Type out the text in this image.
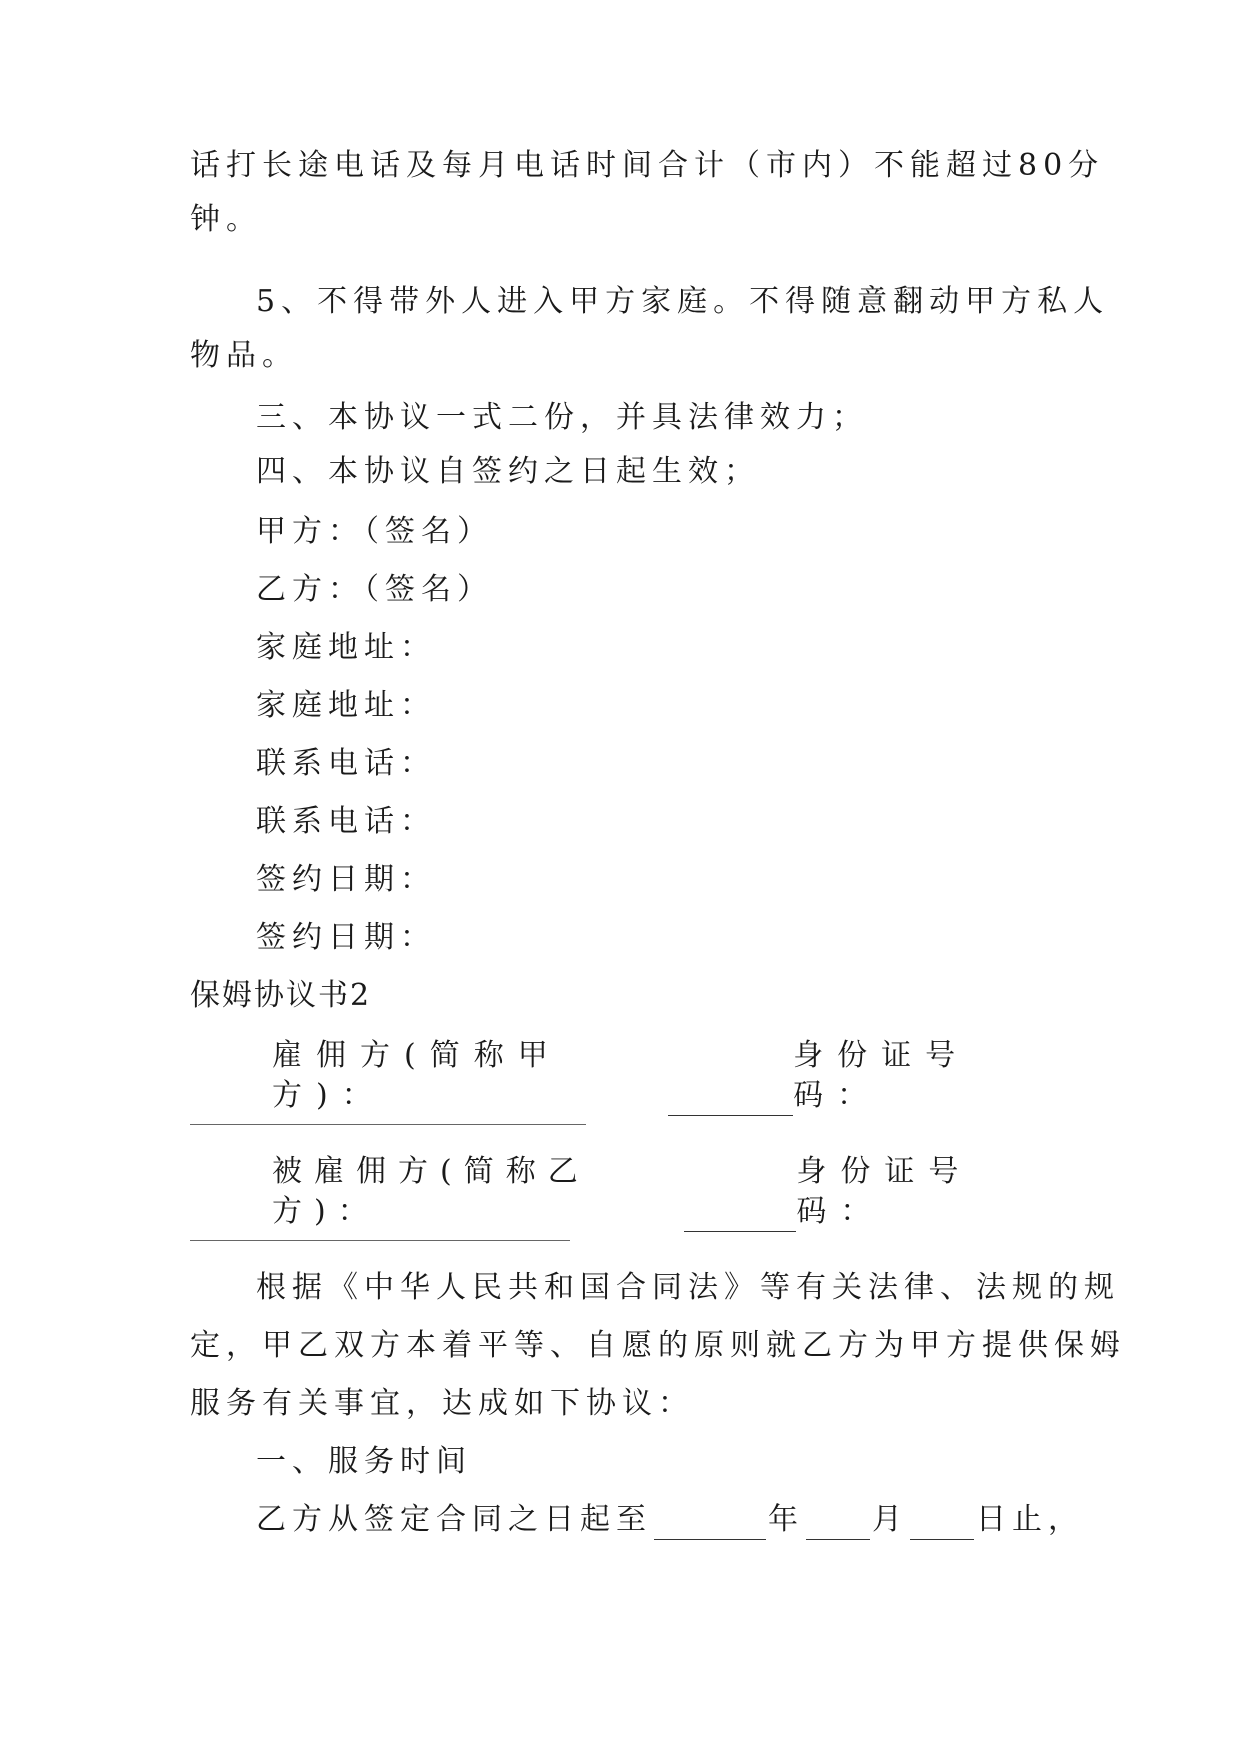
话打长途电话及每月电话时间合计（市内）不能超过80分
钟。
5、不得带外人进入甲方家庭。不得随意翻动甲方私人
物品。
三、本协议一式二份，并具法律效力；
四、本协议自签约之日起生效；
甲方：（签名）
乙方：（签名）
家庭地址：
家庭地址：
联系电话：
联系电话：
签约日期：
签约日期：
保姆协议书2
雇佣方(简称甲方)：
身份证号码：
被雇佣方(简称乙方)：
身份证号码：
根据《中华人民共和国合同法》等有关法律、法规的规
定，甲乙双方本着平等、自愿的原则就乙方为甲方提供保姆
服务有关事宜，达成如下协议：
一、服务时间
乙方从签定合同之日起至	年 月 日止，
